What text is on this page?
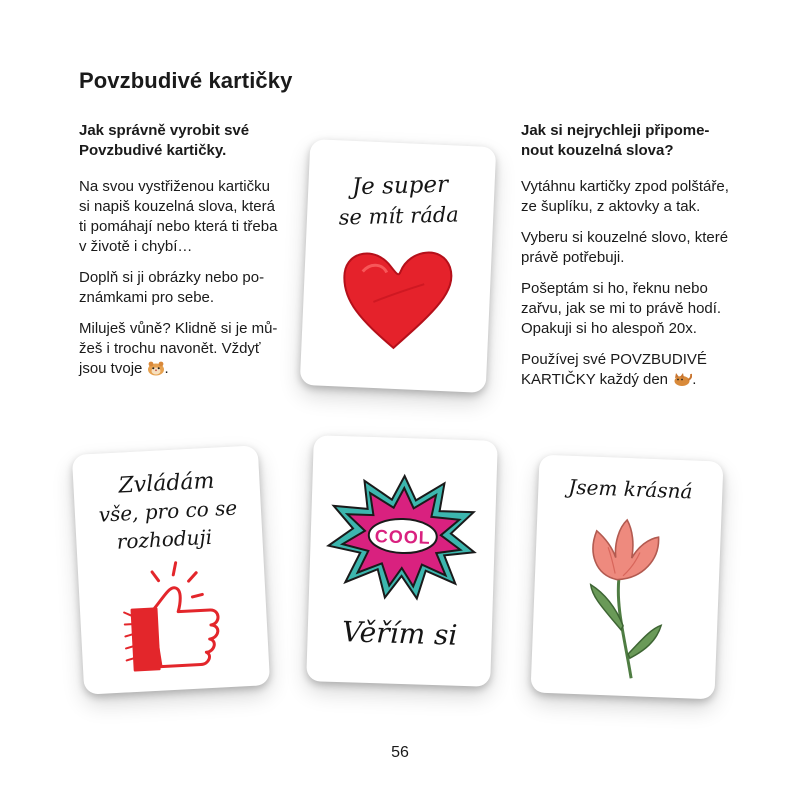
Povzbudivé kartičky
Jak správně vyrobit své
Povzbudivé kartičky.

Na svou vystřiženou kartičku
si napiš kouzelná slova, která
ti pomáhají nebo která ti třeba
v životě i chybí…

Doplň si ji obrázky nebo po-
známkami pro sebe.

Miluješ vůně? Klidně si je mů-
žeš i trochu navonět. Vždyť
jsou tvoje .

Jak si nejrychleji připome-
nout kouzelná slova?

Vytáhnu kartičky zpod polštáře,
ze šuplíku, z aktovky a tak.

Vyberu si kouzelné slovo, které
právě potřebuji.

Pošeptám si ho, řeknu nebo
zařvu, jak se mi to právě hodí.
Opakuji si ho alespoň 20x.

Používej své POVZBUDIVÉ
KARTIČKY každý den .

Je super
se mít ráda
Zvládám
vše, pro co se
rozhoduji	COOL
Věřím si
Jsem krásná
56
